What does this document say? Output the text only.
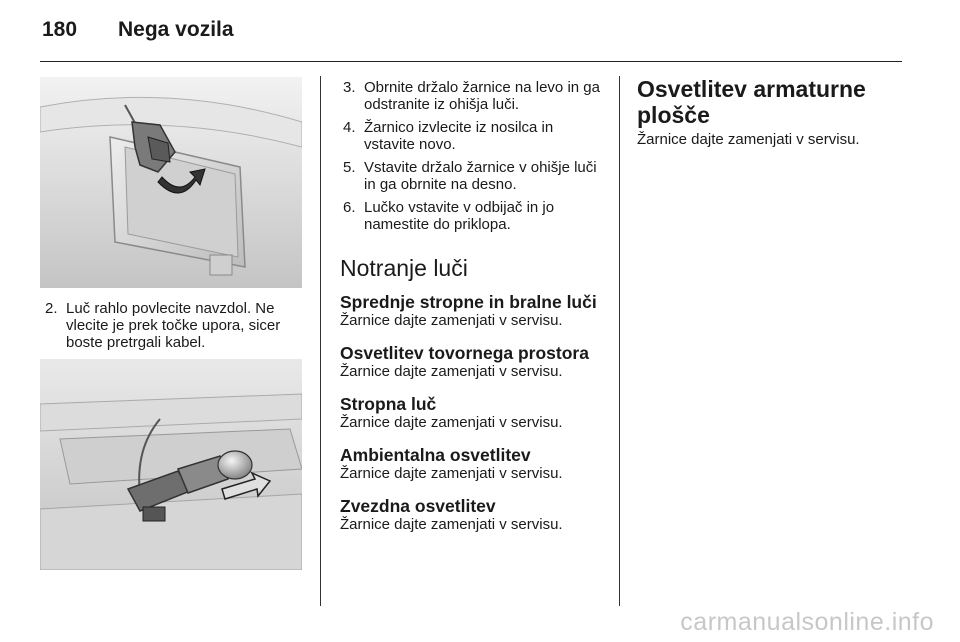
180	Nega vozila
2. Luč rahlo povlecite navzdol. Ne vlecite je prek točke upora, sicer boste pretrgali kabel.
3. Obrnite držalo žarnice na levo in ga odstranite iz ohišja luči.
4. Žarnico izvlecite iz nosilca in vstavite novo.
5. Vstavite držalo žarnice v ohišje luči in ga obrnite na desno.
6. Lučko vstavite v odbijač in jo namestite do priklopa.
Notranje luči
Sprednje stropne in bralne luči

Žarnice dajte zamenjati v servisu.

Osvetlitev tovornega prostora

Žarnice dajte zamenjati v servisu.

Stropna luč

Žarnice dajte zamenjati v servisu.

Ambientalna osvetlitev

Žarnice dajte zamenjati v servisu.

Zvezdna osvetlitev

Žarnice dajte zamenjati v servisu.

Osvetlitev armaturne
plošče

Žarnice dajte zamenjati v servisu.

carmanualsonline.info
